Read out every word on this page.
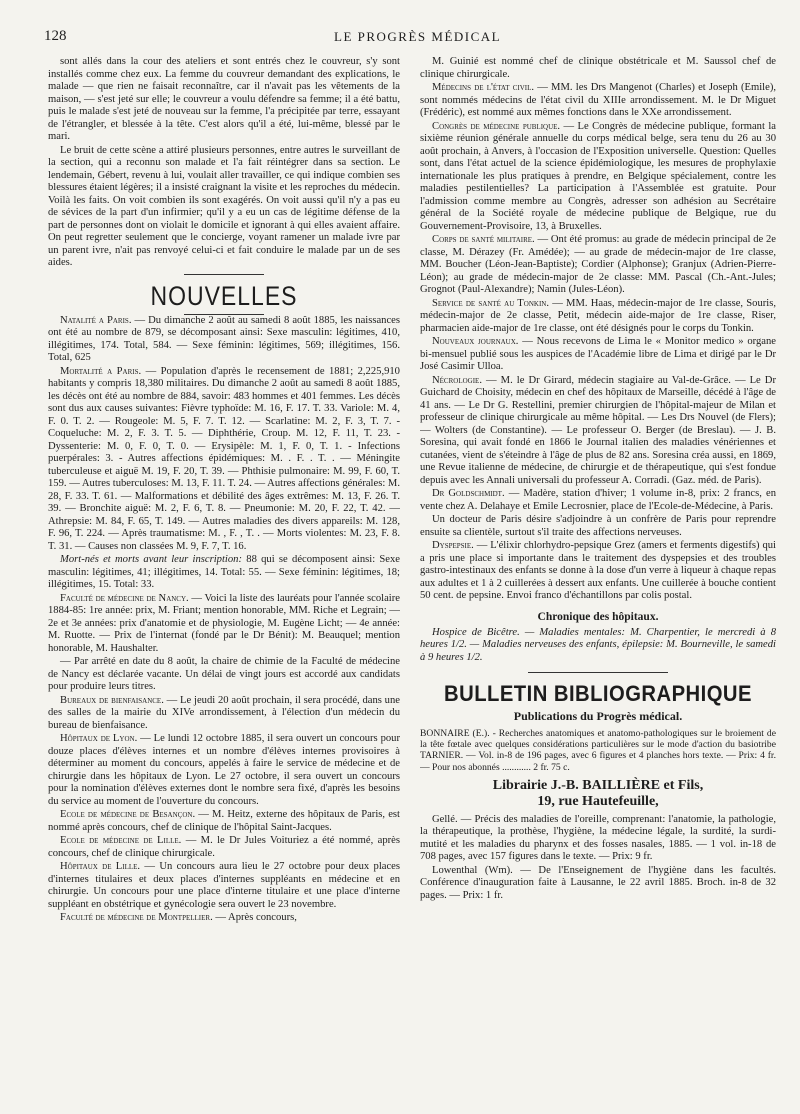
128	LE PROGRÈS MÉDICAL

sont allés dans la cour des ateliers et sont entrés chez le couvreur, s'y sont installés comme chez eux. La femme du couvreur demandant des explications, le malade — que rien ne faisait reconnaître, car il n'avait pas les vêtements de la maison, — s'est jeté sur elle; le couvreur a voulu défendre sa femme; il a été battu, puis le malade s'est jeté de nouveau sur la femme, l'a précipitée par terre, essayant de l'étrangler, et blessée à la tête. C'est alors qu'il a été, lui-même, blessé par le mari.

Le bruit de cette scène a attiré plusieurs personnes, entre autres le surveillant de la section, qui a reconnu son malade et l'a fait réintégrer dans sa section. Le lendemain, Gébert, revenu à lui, voulait aller travailler, ce qui indique combien ses blessures étaient légères; il a insisté craignant la visite et les reproches du médecin. Voilà les faits. On voit combien ils sont exagérés. On voit aussi qu'il n'y a pas eu de sévices de la part d'un infirmier; qu'il y a eu un cas de légitime défense de la part de personnes dont on violait le domicile et ignorant à qui elles avaient affaire. On peut regretter seulement que le concierge, voyant ramener un malade ivre par un parent ivre, n'ait pas renvoyé celui-ci et fait conduire le malade par un de ses aides.

NOUVELLES

Natalité a Paris. — Du dimanche 2 août au samedi 8 août 1885, les naissances ont été au nombre de 879, se décomposant ainsi: Sexe masculin: légitimes, 410, illégitimes, 174. Total, 584. — Sexe féminin: légitimes, 569; illégitimes, 156. Total, 625

Mortalité a Paris. — Population d'après le recensement de 1881; 2,225,910 habitants y compris 18,380 militaires. Du dimanche 2 août au samedi 8 août 1885, les décès ont été au nombre de 884, savoir: 483 hommes et 401 femmes. Les décès sont dus aux causes suivantes: Fièvre typhoïde: M. 16, F. 17. T. 33. Variole: M. 4, F. 0. T. 2. — Rougeole: M. 5, F. 7. T. 12. — Scarlatine: M. 2, F. 3, T. 7. - Coqueluche: M. 2, F. 3. T. 5. — Diphthérie, Croup. M. 12, F. 11, T. 23. - Dyssenterie: M. 0, F. 0, T. 0. — Erysipèle: M. 1, F. 0, T. 1. - Infections puerpérales: 3. - Autres affections épidémiques: M. . F. . T. . — Méningite tuberculeuse et aiguë M. 19, F. 20, T. 39. — Phthisie pulmonaire: M. 99, F. 60, T. 159. — Autres tuberculoses: M. 13, F. 11. T. 24. — Autres affections générales: M. 28, F. 33. T. 61. — Malformations et débilité des âges extrêmes: M. 13, F. 26. T. 39. — Bronchite aiguë: M. 2, F. 6, T. 8. — Pneumonie: M. 20, F. 22, T. 42. — Athrepsie: M. 84, F. 65, T. 149. — Autres maladies des divers appareils: M. 128, F. 96, T. 224. — Après traumatisme: M. , F. , T. . — Morts violentes: M. 23, F. 8. T. 31. — Causes non classées M. 9, F. 7, T. 16.

Mort-nés et morts avant leur inscription: 88 qui se décomposent ainsi: Sexe masculin: légitimes, 41; illégitimes, 14. Total: 55. — Sexe féminin: légitimes, 18; illégitimes, 15. Total: 33.

Faculté de médecine de Nancy. — Voici la liste des lauréats pour l'année scolaire 1884-85: 1re année: prix, M. Friant; mention honorable, MM. Riche et Legrain; — 2e et 3e années: prix d'anatomie et de physiologie, M. Eugène Licht; — 4e année: M. Ruotte. — Prix de l'internat (fondé par le Dr Bénit): M. Beauquel; mention honorable, M. Haushalter.

— Par arrêté en date du 8 août, la chaire de chimie de la Faculté de médecine de Nancy est déclarée vacante. Un délai de vingt jours est accordé aux candidats pour produire leurs titres.

Bureaux de bienfaisance. — Le jeudi 20 août prochain, il sera procédé, dans une des salles de la mairie du XIVe arrondissement, à l'élection d'un médecin du bureau de bienfaisance.

Hôpitaux de Lyon. — Le lundi 12 octobre 1885, il sera ouvert un concours pour douze places d'élèves internes et un nombre d'élèves internes provisoires à déterminer au moment du concours, appelés à faire le service de médecine et de chirurgie dans les hôpitaux de Lyon. Le 27 octobre, il sera ouvert un concours pour la nomination d'élèves externes dont le nombre sera fixé, d'après les besoins du service au moment de l'ouverture du concours.

Ecole de médecine de Besançon. — M. Heitz, externe des hôpitaux de Paris, est nommé après concours, chef de clinique de l'hôpital Saint-Jacques.

Ecole de médecine de Lille. — M. le Dr Jules Voituriez a été nommé, après concours, chef de clinique chirurgicale.

Hôpitaux de Lille. — Un concours aura lieu le 27 octobre pour deux places d'internes titulaires et deux places d'internes suppléants en médecine et en chirurgie. Un concours pour une place d'interne titulaire et une place d'interne suppléant en obstétrique et gynécologie sera ouvert le 23 novembre.

Faculté de médecine de Montpellier. — Après concours,

M. Guinié est nommé chef de clinique obstétricale et M. Saussol chef de clinique chirurgicale.

Médecins de l'état civil. — MM. les Drs Mangenot (Charles) et Joseph (Emile), sont nommés médecins de l'état civil du XIIIe arrondissement. M. le Dr Miguet (Frédéric), est nommé aux mêmes fonctions dans le XXe arrondissement.

Congrès de médecine publique. — Le Congrès de médecine publique, formant la sixième réunion générale annuelle du corps médical belge, sera tenu du 26 au 30 août prochain, à Anvers, à l'occasion de l'Exposition universelle. Question: Quelles sont, dans l'état actuel de la science épidémiologique, les mesures de prophylaxie internationale les plus pratiques à prendre, en Belgique spécialement, contre les maladies pestilentielles? La participation à l'Assemblée est gratuite. Pour l'admission comme membre au Congrès, adresser son adhésion au Secrétaire général de la Société royale de médecine publique de Belgique, rue du Gouvernement-Provisoire, 13, à Bruxelles.

Corps de santé militaire. — Ont été promus: au grade de médecin principal de 2e classe, M. Dérazey (Fr. Amédée); — au grade de médecin-major de 1re classe, MM. Boucher (Léon-Jean-Baptiste); Cordier (Alphonse); Granjux (Adrien-Pierre-Léon); au grade de médecin-major de 2e classe: MM. Pascal (Ch.-Ant.-Jules; Grognot (Paul-Alexandre); Namin (Jules-Léon).

Service de santé au Tonkin. — MM. Haas, médecin-major de 1re classe, Souris, médecin-major de 2e classe, Petit, médecin aide-major de 1re classe, Riser, pharmacien aide-major de 1re classe, ont été désignés pour le corps du Tonkin.

Nouveaux journaux. — Nous recevons de Lima le « Monitor medico » organe bi-mensuel publié sous les auspices de l'Académie libre de Lima et dirigé par le Dr José Casimir Ulloa.

Nécrologie. — M. le Dr Girard, médecin stagiaire au Val-de-Grâce. — Le Dr Guichard de Choisity, médecin en chef des hôpitaux de Marseille, décédé à l'âge de 41 ans. — Le Dr G. Restellini, premier chirurgien de l'hôpital-majeur de Milan et professeur de clinique chirurgicale au même hôpital. — Les Drs Nouvel (de Flers); — Wolters (de Constantine). — Le professeur O. Berger (de Breslau). — J. B. Soresina, qui avait fondé en 1866 le Journal italien des maladies vénériennes et cutanées, vient de s'éteindre à l'âge de plus de 82 ans. Soresina créa aussi, en 1869, une Revue italienne de médecine, de chirurgie et de thérapeutique, qui s'est fondue depuis avec les Annali universali du professeur A. Corradi. (Gaz. méd. de Paris).

Dr Goldschmidt. — Madère, station d'hiver; 1 volume in-8, prix: 2 francs, en vente chez A. Delahaye et Emile Lecrosnier, place de l'Ecole-de-Médecine, à Paris.

Un docteur de Paris désire s'adjoindre à un confrère de Paris pour reprendre ensuite sa clientèle, surtout s'il traite des affections nerveuses.

Dyspepsie. — L'élixir chlorhydro-pepsique Grez (amers et ferments digestifs) qui a pris une place si importante dans le traitement des dyspepsies et des troubles gastro-intestinaux des enfants se donne à la dose d'un verre à liqueur à chaque repas aux adultes et 1 à 2 cuillerées à dessert aux enfants. Une cuillerée à bouche contient 50 cent. de pepsine. Envoi franco d'échantillons par colis postal.

Chronique des hôpitaux.

Hospice de Bicêtre. — Maladies mentales: M. Charpentier, le mercredi à 8 heures 1/2. — Maladies nerveuses des enfants, épilepsie: M. Bourneville, le samedi à 9 heures 1/2.

BULLETIN BIBLIOGRAPHIQUE
Publications du Progrès médical.

BONNAIRE (E.). - Recherches anatomiques et anatomo-pathologiques sur le broiement de la tête fœtale avec quelques considérations particulières sur le mode d'action du basiotribe TARNIER. — Vol. in-8 de 196 pages, avec 6 figures et 4 planches hors texte. — Prix: 4 fr. — Pour nos abonnés ............ 2 fr. 75 c.

Librairie J.-B. BAILLIÈRE et Fils,
19, rue Hautefeuille,

Gellé. — Précis des maladies de l'oreille, comprenant: l'anatomie, la pathologie, la thérapeutique, la prothèse, l'hygiène, la médecine légale, la surdité, la surdi-mutité et les maladies du pharynx et des fosses nasales, 1885. — 1 vol. in-18 de 708 pages, avec 157 figures dans le texte. — Prix: 9 fr.

Lowenthal (Wm). — De l'Enseignement de l'hygiène dans les facultés. Conférence d'inauguration faite à Lausanne, le 22 avril 1885. Broch. in-8 de 32 pages. — Prix: 1 fr.
